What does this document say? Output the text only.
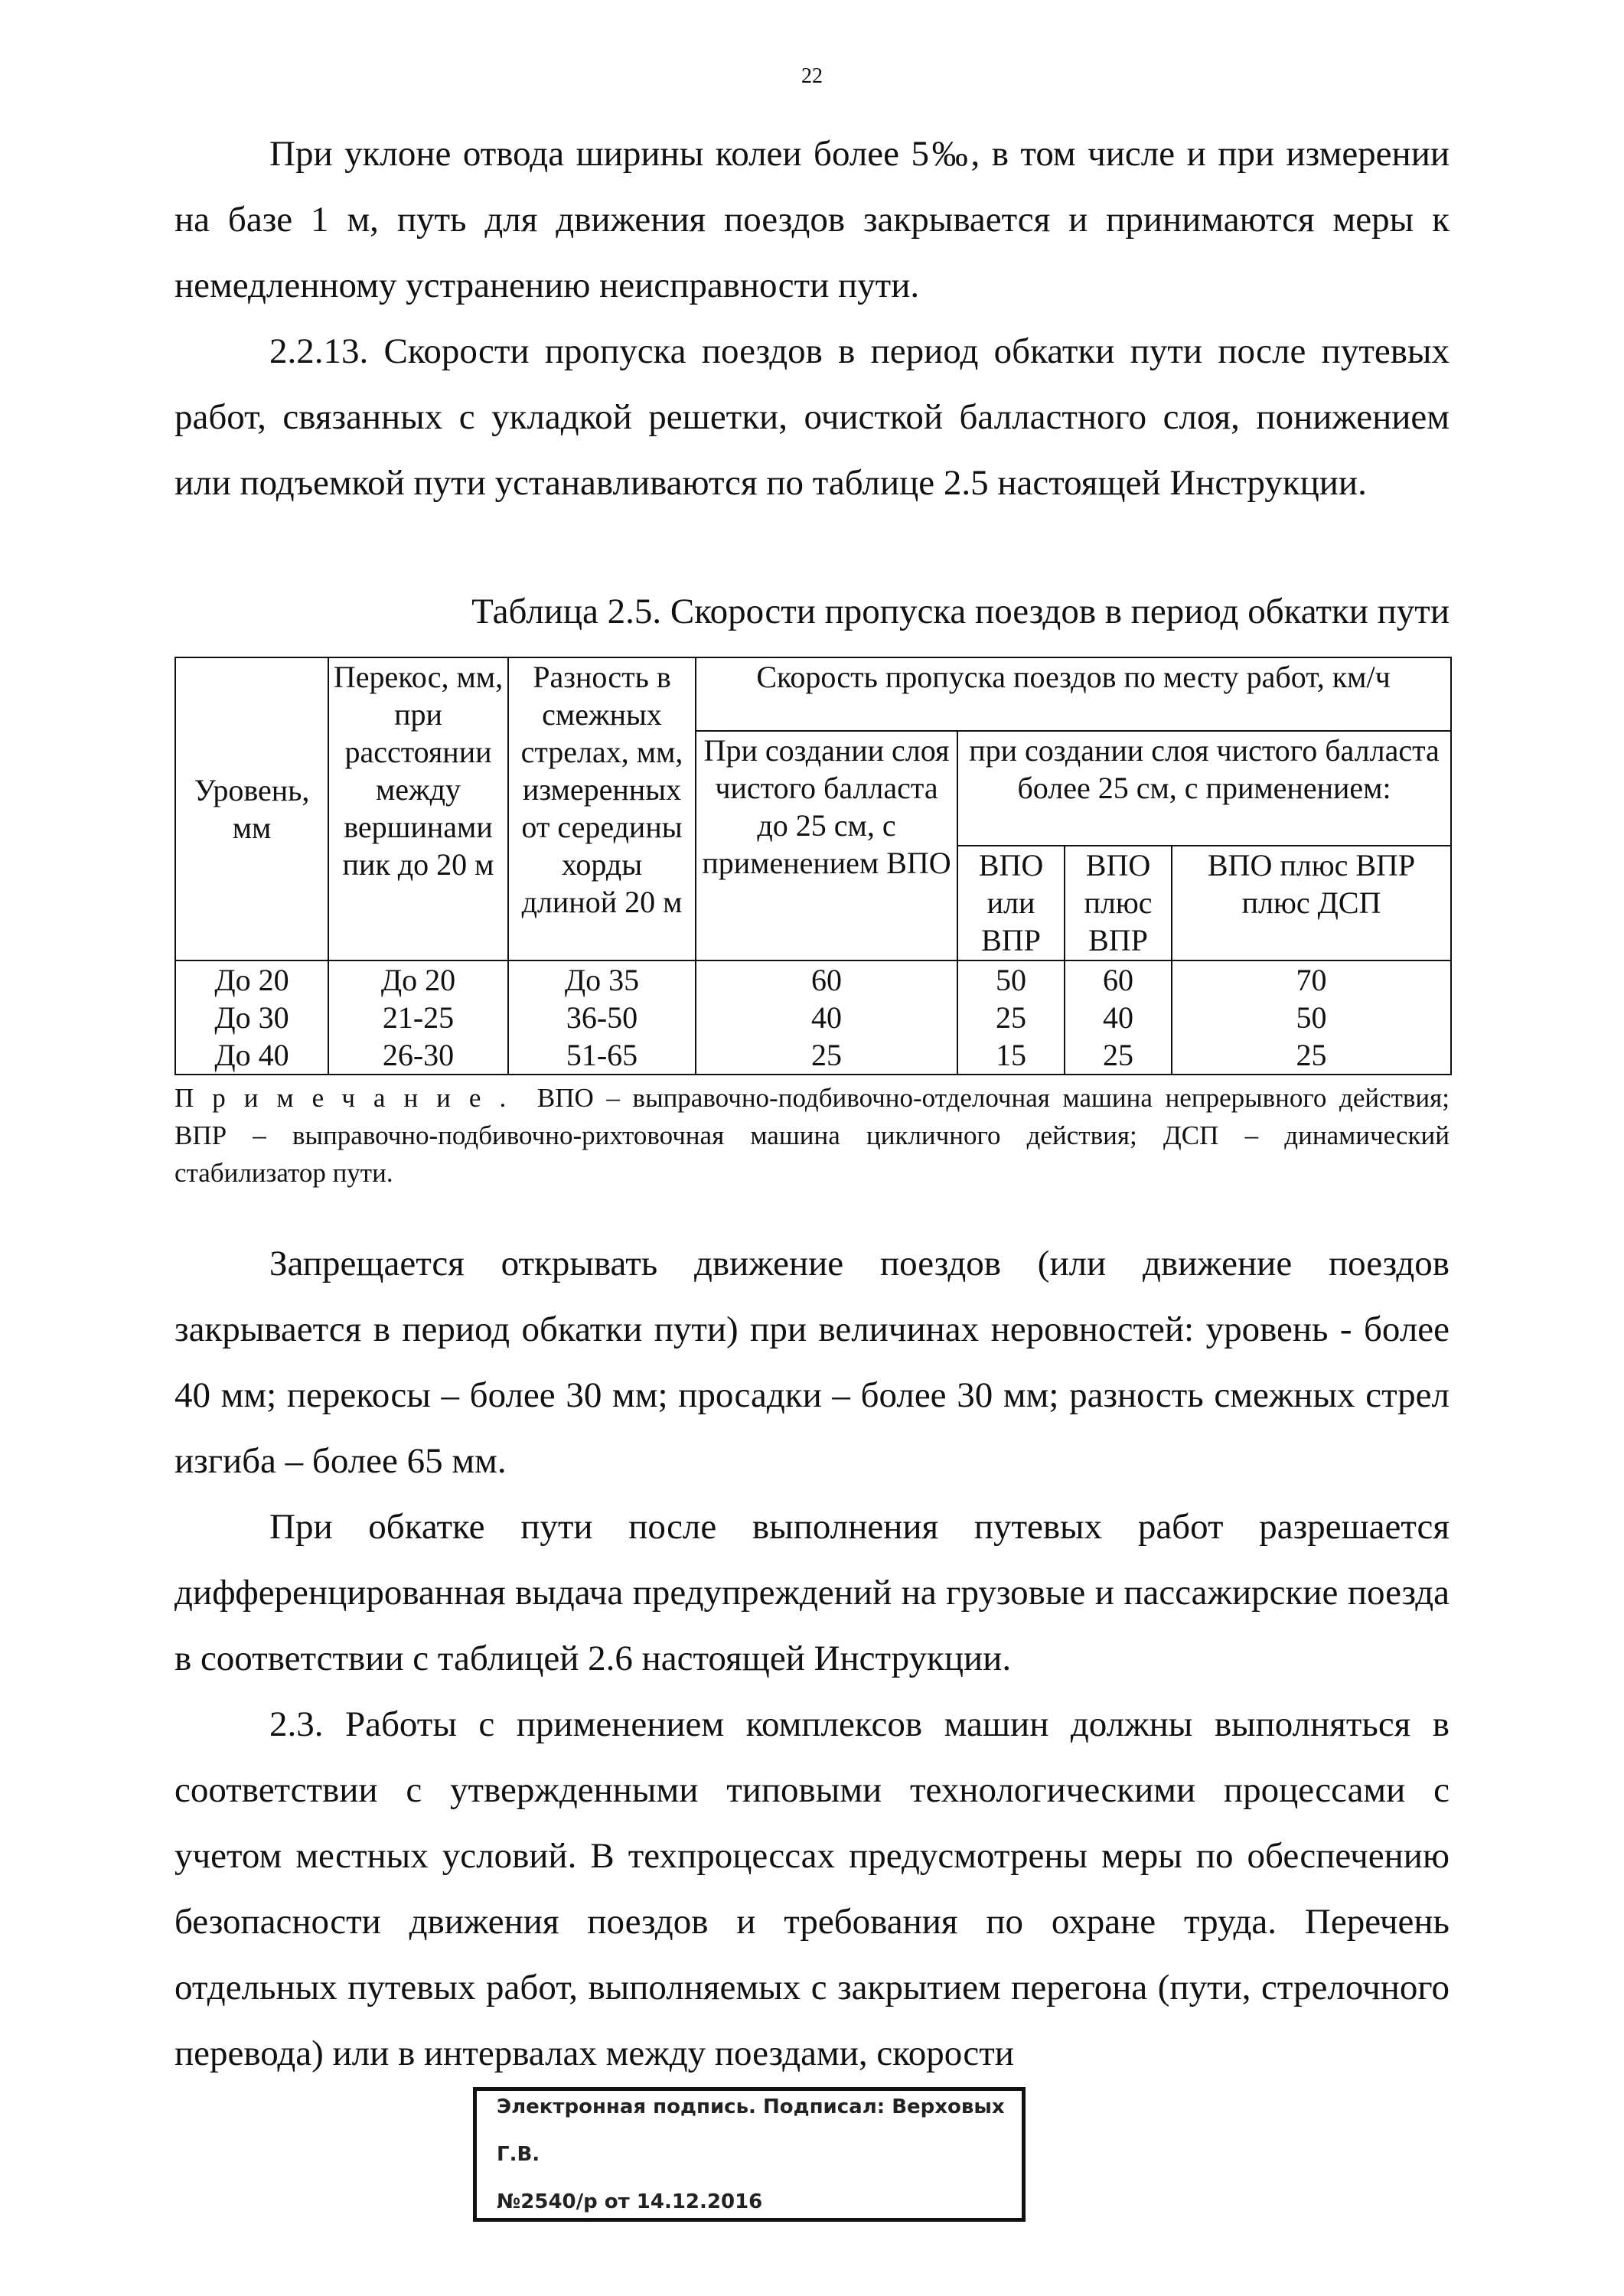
22

При уклоне отвода ширины колеи более 5‰, в том числе и при измерении на базе 1 м, путь для движения поездов закрывается и принимаются меры к немедленному устранению неисправности пути.

2.2.13. Скорости пропуска поездов в период обкатки пути после путевых работ, связанных с укладкой решетки, очисткой балластного слоя, понижением или подъемкой пути устанавливаются по таблице 2.5 настоящей Инструкции.

Таблица 2.5. Скорости пропуска поездов в период обкатки пути
Уровень, мм	Перекос, мм, при расстоянии между вершинами пик до 20 м	Разность в смежных стрелах, мм, измеренных от середины хорды длиной 20 м	Скорость пропуска поездов по месту работ, км/ч			
			При создании слоя чистого балласта до 25 см, с применением ВПО	при создании слоя чистого балласта более 25 см, с применением:		
				ВПО или ВПР	ВПО плюс ВПР	ВПО плюс ВПР плюс ДСП
До 20	До 20	До 35	60	50	60	70
До 30	21-25	36-50	40	25	40	50
До 40	26-30	51-65	25	15	25	25
Примечание. ВПО – выправочно-подбивочно-отделочная машина непрерывного действия; ВПР – выправочно-подбивочно-рихтовочная машина цикличного действия; ДСП – динамический стабилизатор пути.

Запрещается открывать движение поездов (или движение поездов закрывается в период обкатки пути) при величинах неровностей: уровень - более 40 мм; перекосы – более 30 мм; просадки – более 30 мм; разность смежных стрел изгиба – более 65 мм.

При обкатке пути после выполнения путевых работ разрешается дифференцированная выдача предупреждений на грузовые и пассажирские поезда в соответствии с таблицей 2.6 настоящей Инструкции.

2.3. Работы с применением комплексов машин должны выполняться в соответствии с утвержденными типовыми технологическими процессами с учетом местных условий. В техпроцессах предусмотрены меры по обеспечению безопасности движения поездов и требования по охране труда. Перечень отдельных путевых работ, выполняемых с закрытием перегона (пути, стрелочного перевода) или в интервалах между поездами, скорости

Электронная подпись. Подписал: Верховых Г.В.
№2540/р от 14.12.2016
